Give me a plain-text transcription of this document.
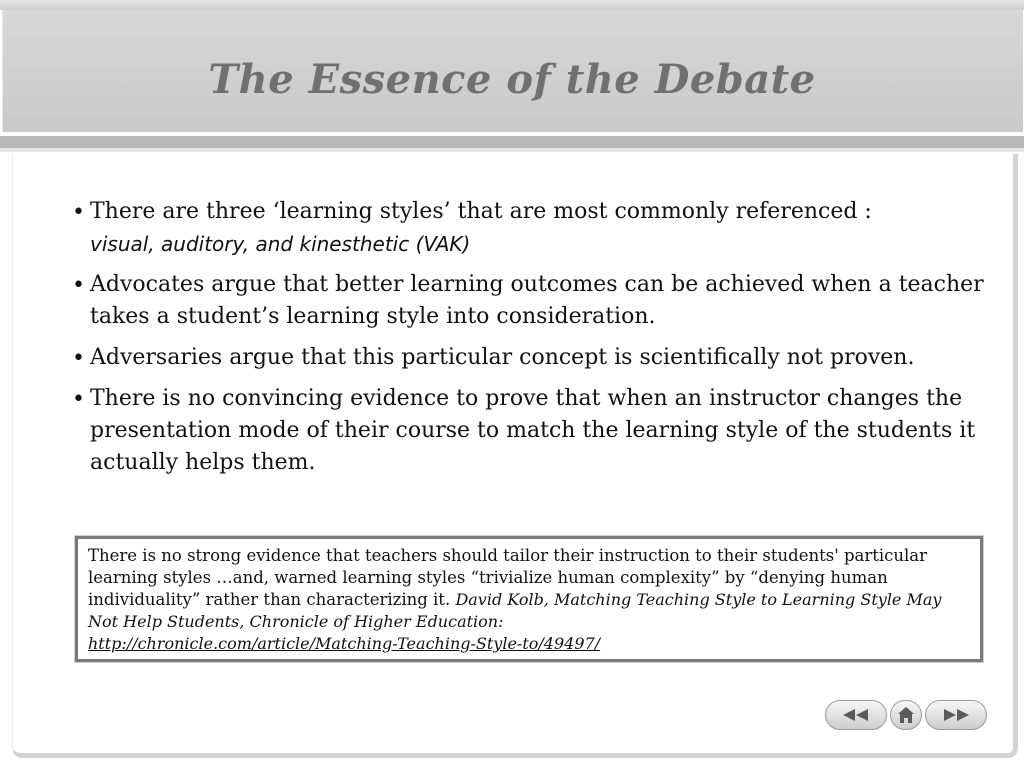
The Essence of the Debate
• There are three ‘learning styles’ that are most commonly referenced :
visual, auditory, and kinesthetic (VAK)
• Advocates argue that better learning outcomes can be achieved when a teacher takes a student’s learning style into consideration.
• Adversaries argue that this particular concept is scientifically not proven.
• There is no convincing evidence to prove that when an instructor changes the presentation mode of their course to match the learning style of the students it actually helps them.
There is no strong evidence that teachers should tailor their instruction to their students' particular learning styles …and, warned learning styles “trivialize human complexity” by “denying human individuality” rather than characterizing it. David Kolb, Matching Teaching Style to Learning Style May Not Help Students, Chronicle of Higher Education:
http://chronicle.com/article/Matching-Teaching-Style-to/49497/
